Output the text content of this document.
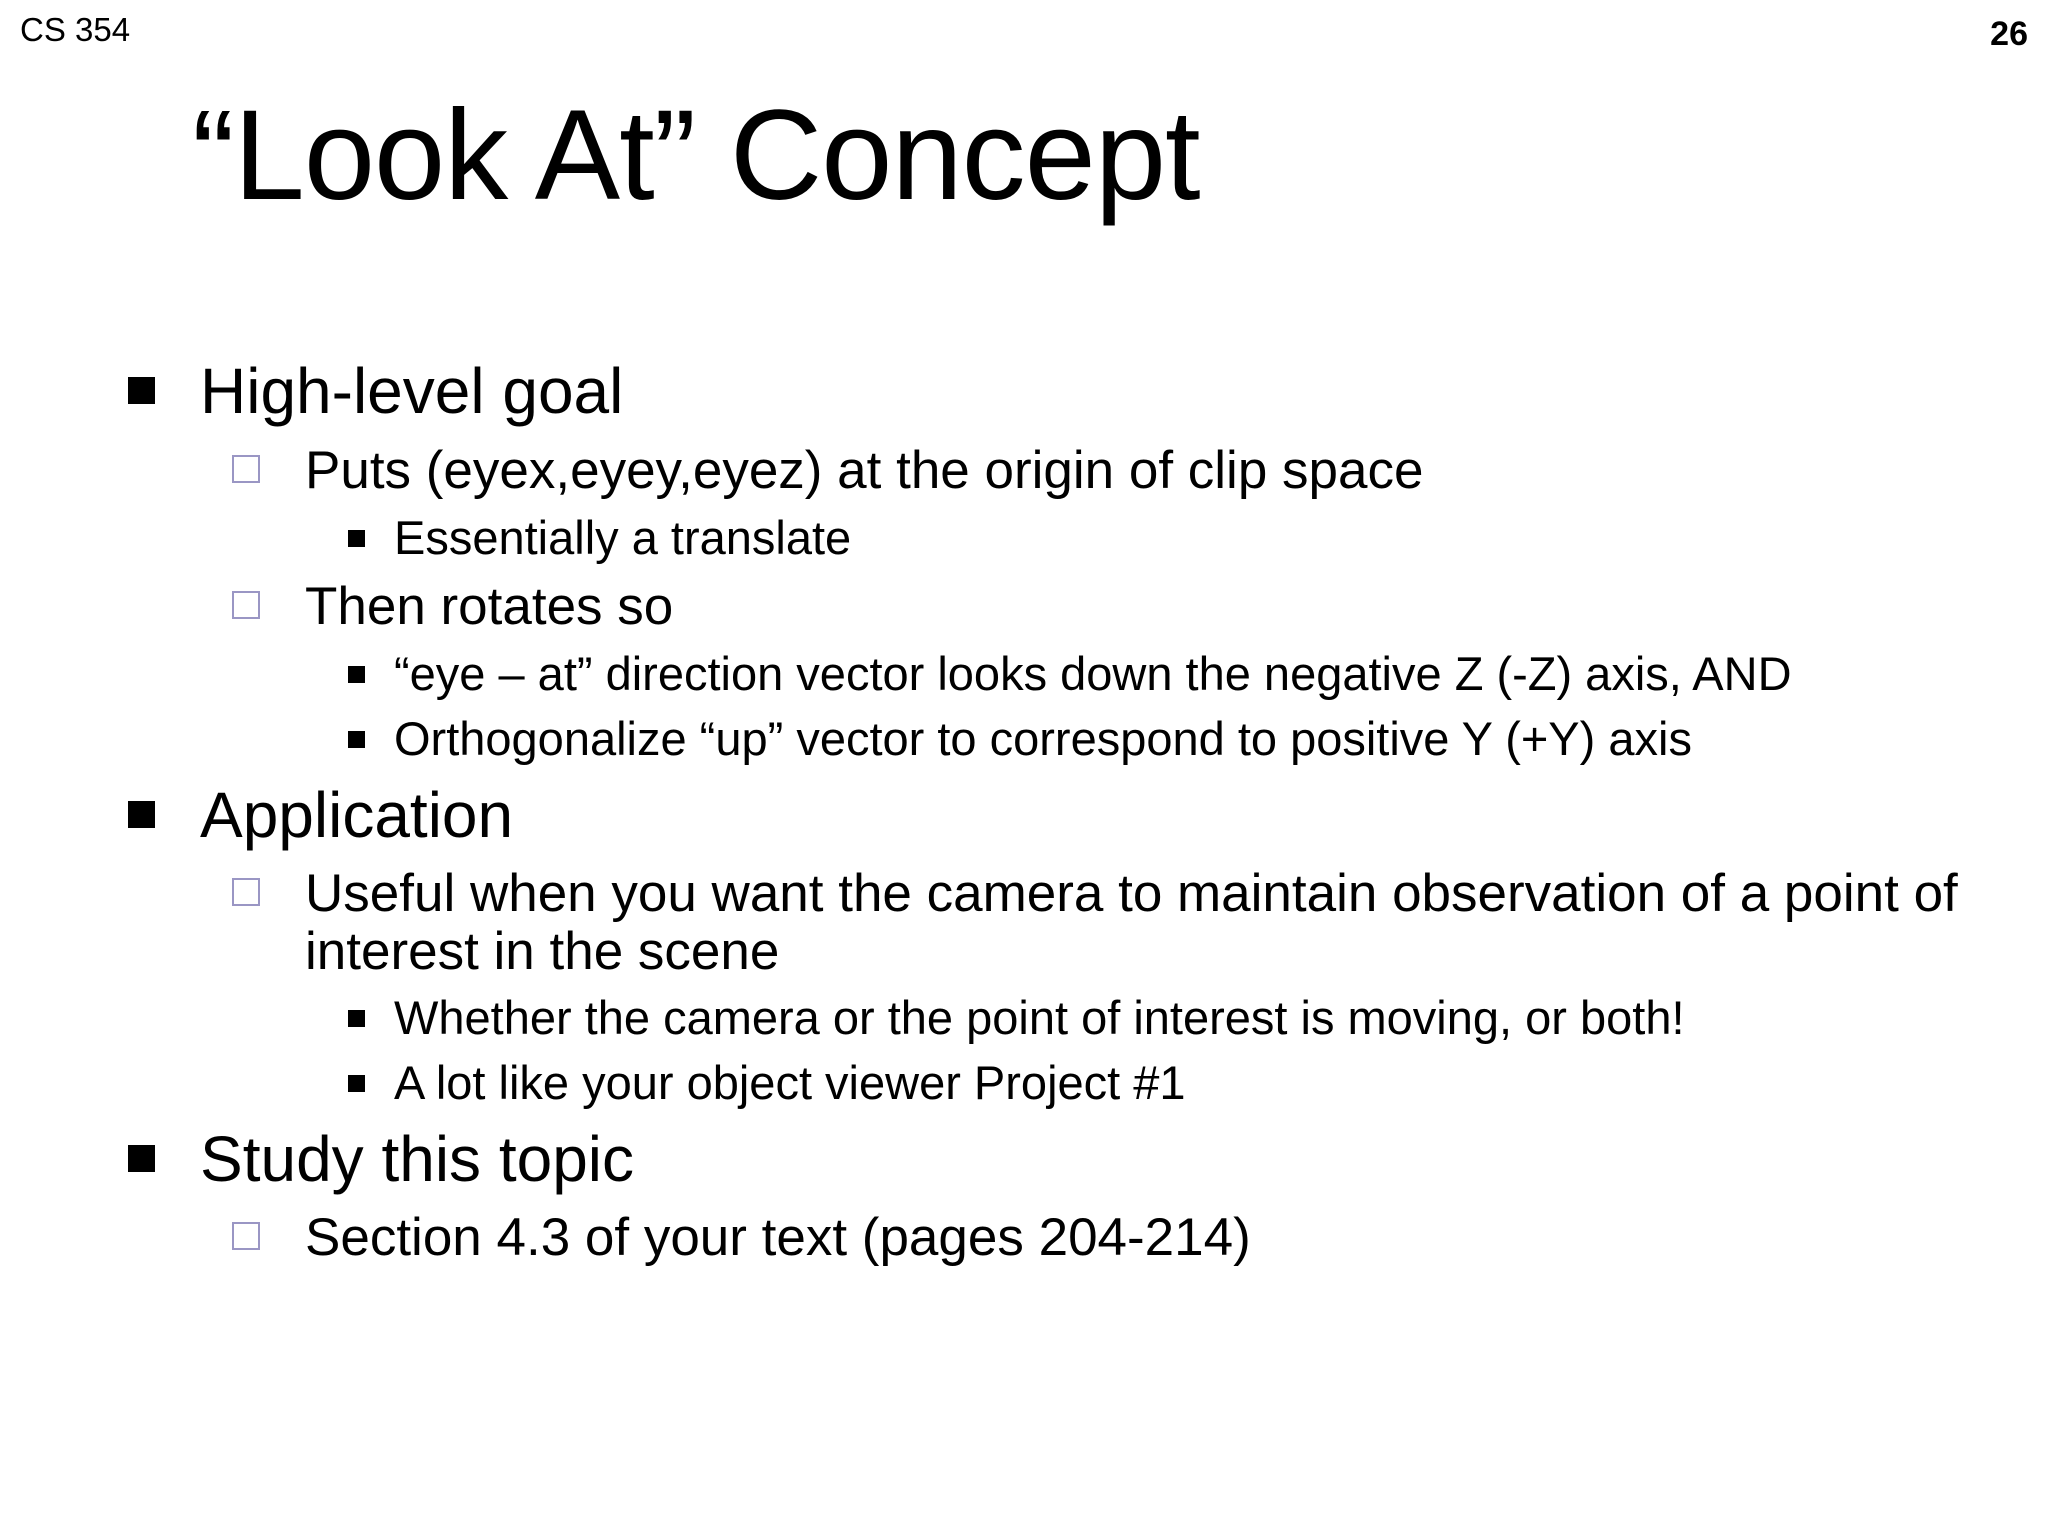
CS 354	26
“Look At” Concept
High-level goal
Puts (eyex,eyey,eyez) at the origin of clip space
Essentially a translate
Then rotates so
“eye – at” direction vector looks down the negative Z (-Z) axis, AND
Orthogonalize “up” vector to correspond to positive Y (+Y) axis
Application
Useful when you want the camera to maintain observation of a point of interest in the scene
Whether the camera or the point of interest is moving, or both!
A lot like your object viewer Project #1
Study this topic
Section 4.3 of your text (pages 204-214)
